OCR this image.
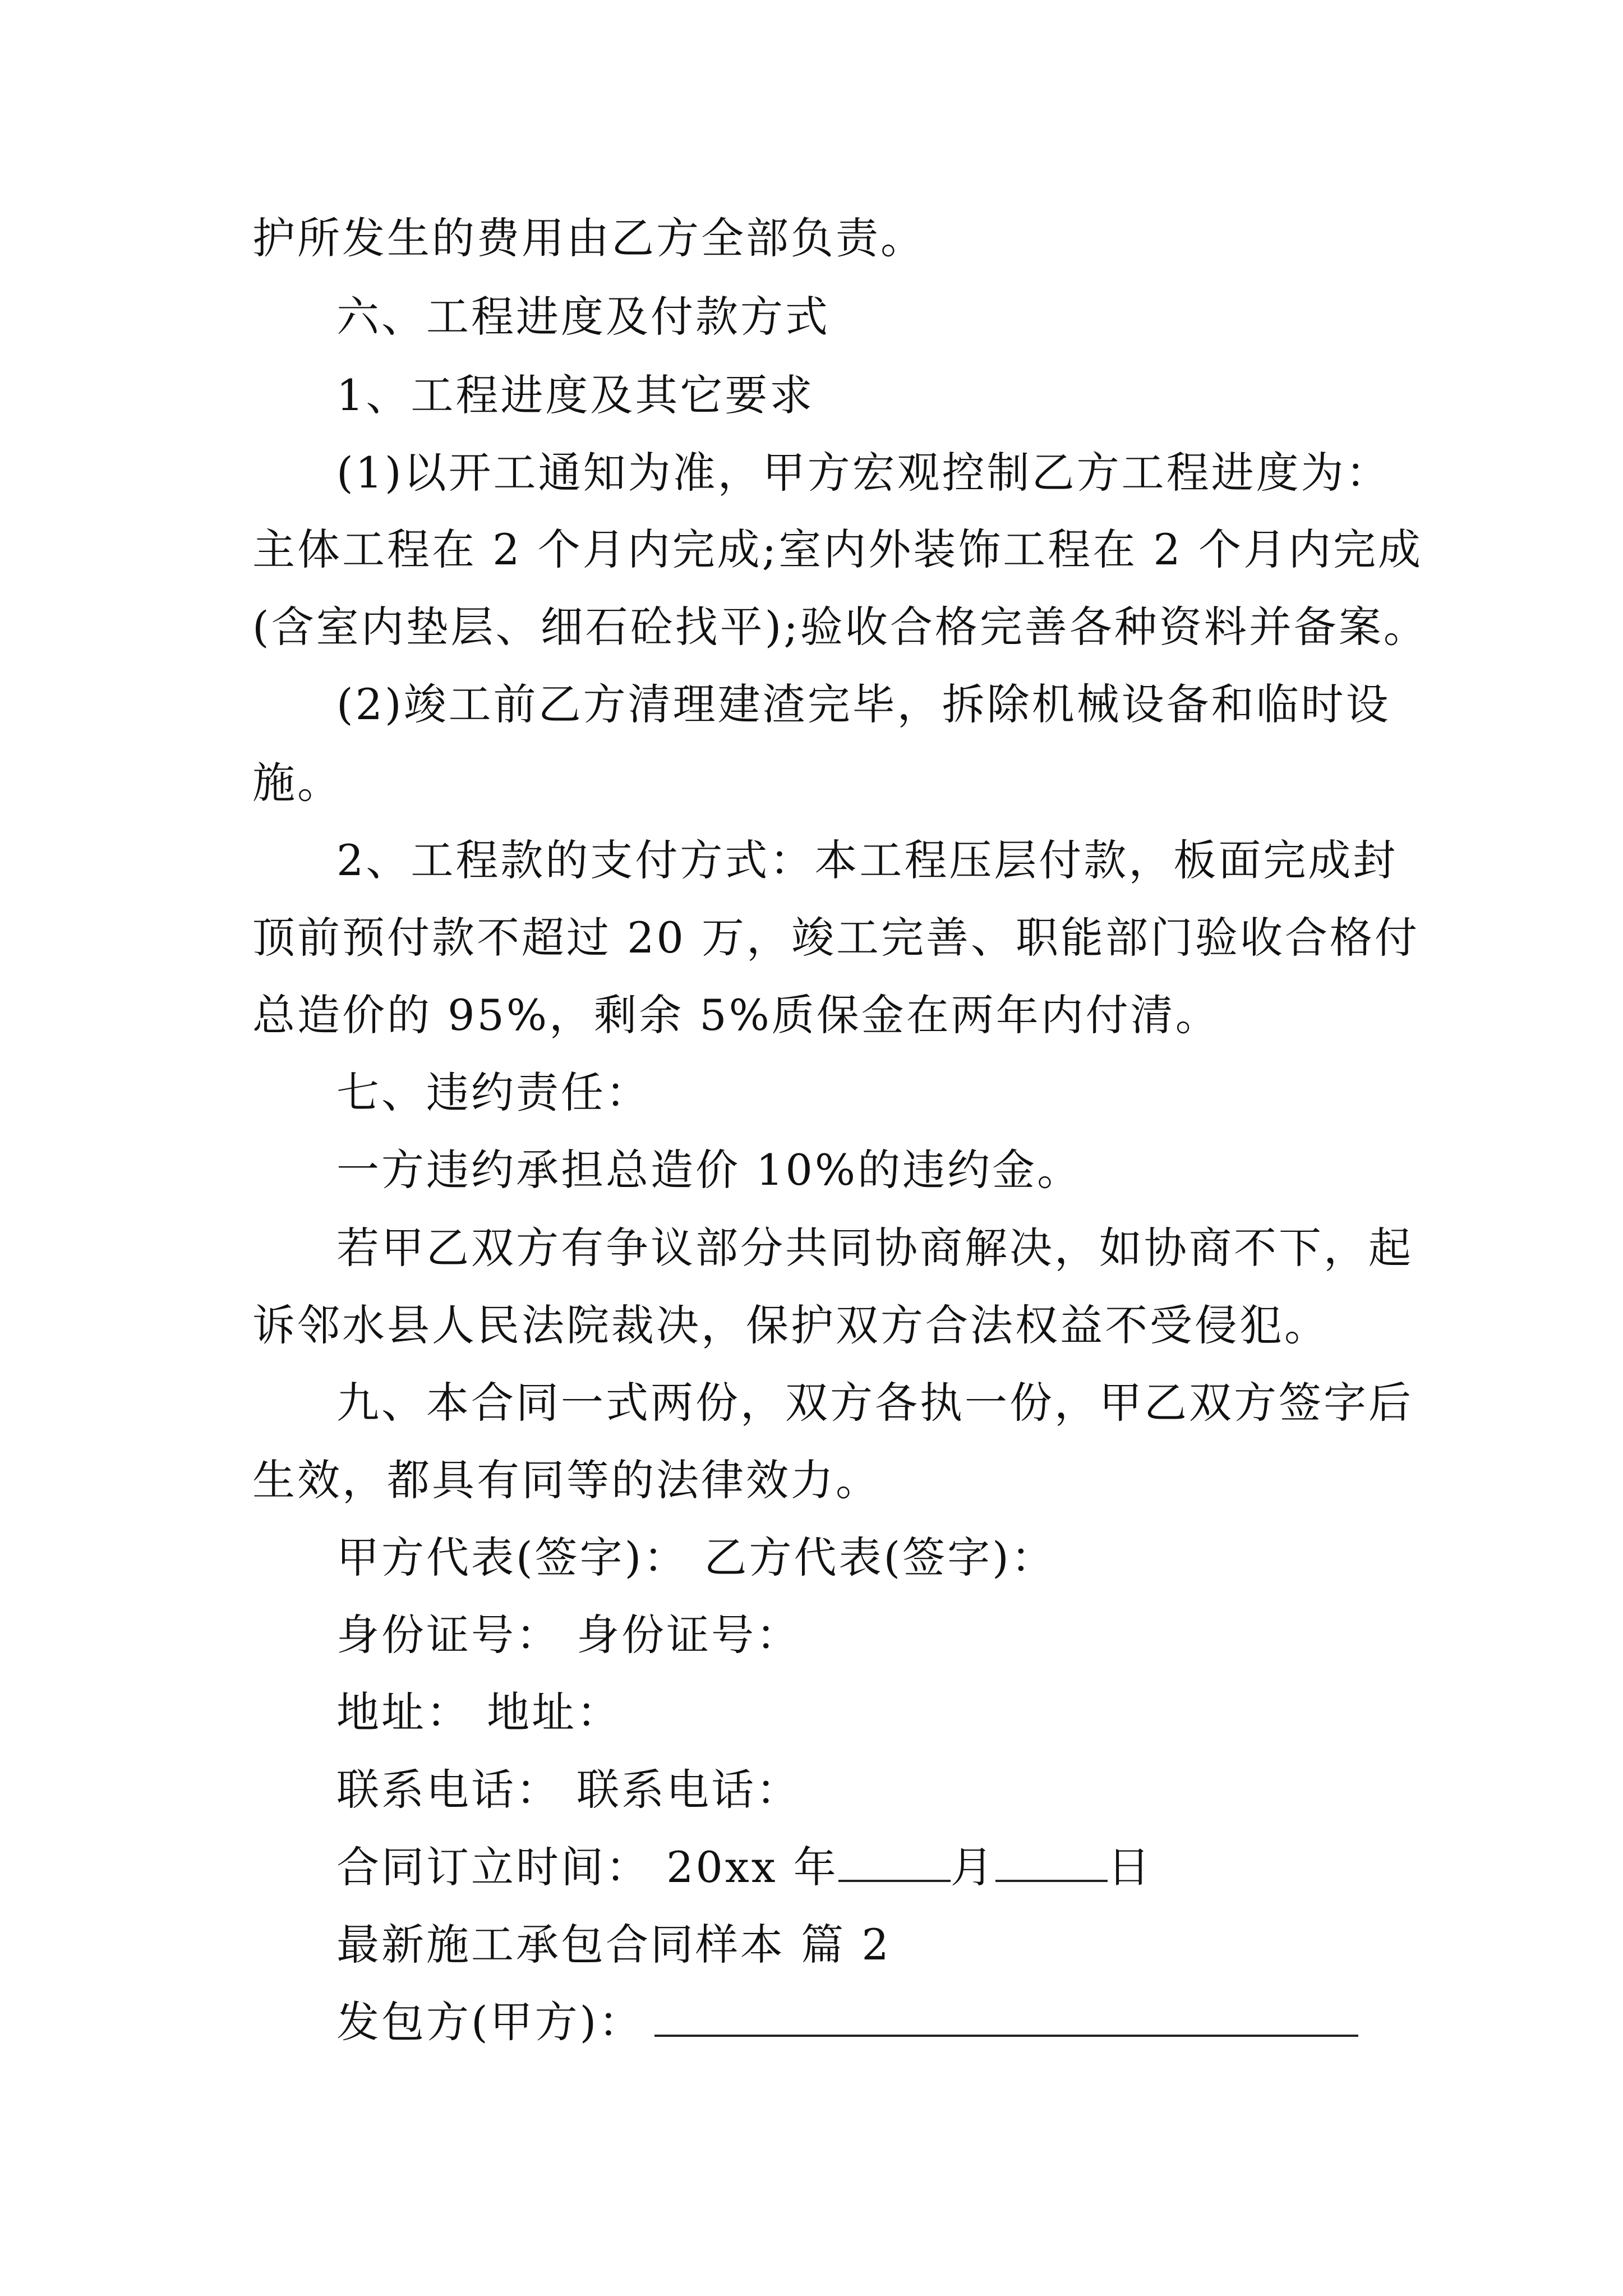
护所发生的费用由乙方全部负责。
六、工程进度及付款方式
1、工程进度及其它要求
(1)以开工通知为准，甲方宏观控制乙方工程进度为：
主体工程在 2 个月内完成;室内外装饰工程在 2 个月内完成
(含室内垫层、细石砼找平);验收合格完善各种资料并备案。
(2)竣工前乙方清理建渣完毕，拆除机械设备和临时设
施。
2、工程款的支付方式：本工程压层付款，板面完成封
顶前预付款不超过 20 万，竣工完善、职能部门验收合格付
总造价的 95%，剩余 5%质保金在两年内付清。
七、违约责任：
一方违约承担总造价 10%的违约金。
若甲乙双方有争议部分共同协商解决，如协商不下，起
诉邻水县人民法院裁决，保护双方合法权益不受侵犯。
九、本合同一式两份，双方各执一份，甲乙双方签字后
生效，都具有同等的法律效力。
甲方代表(签字)： 乙方代表(签字)：
身份证号： 身份证号：
地址： 地址：
联系电话： 联系电话：
合同订立时间： 20xx 年	月	日
最新施工承包合同样本 篇 2
发包方(甲方)：
